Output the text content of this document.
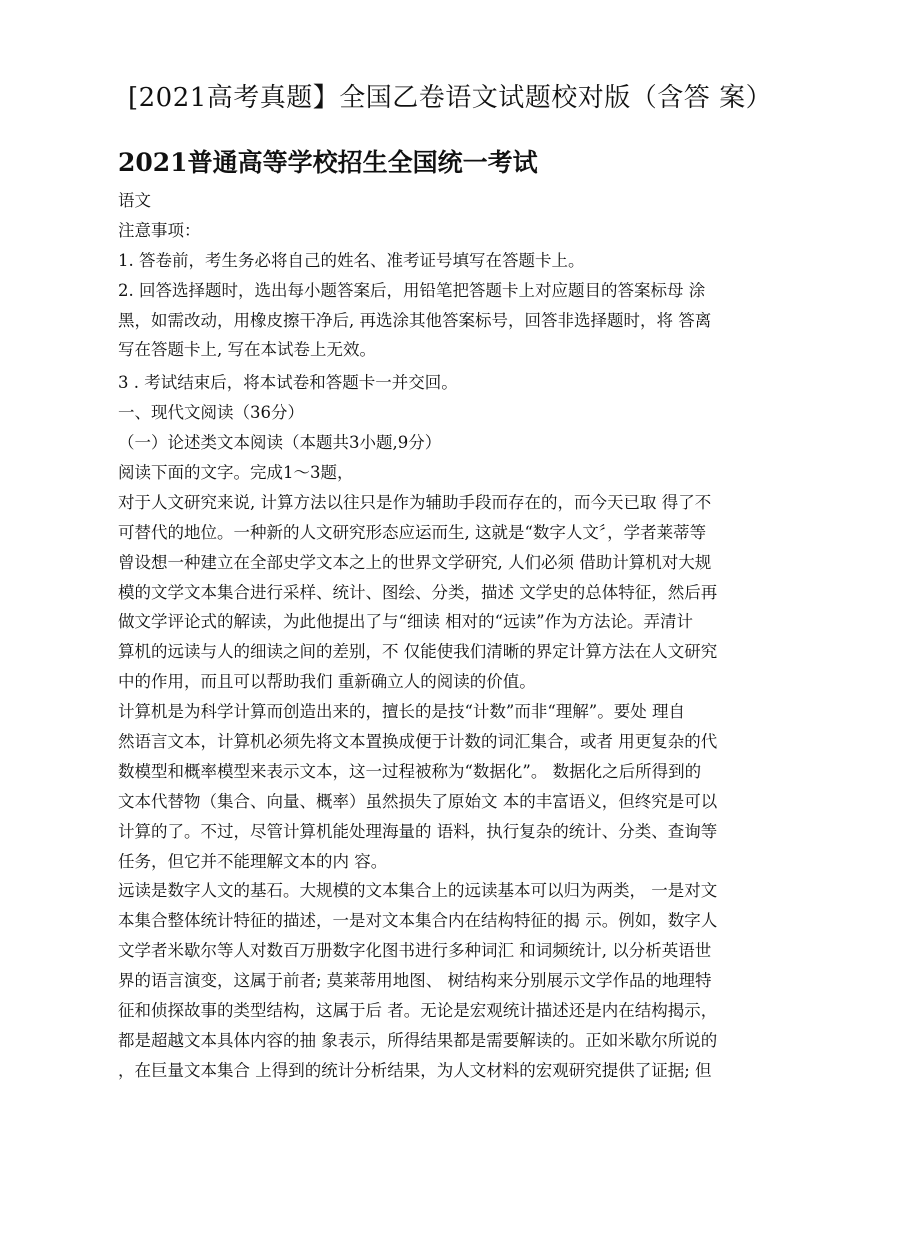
[2021高考真题】全国乙卷语文试题校对版（含答 案）
2021普通高等学校招生全国统一考试
语文
注意事项：
1. 答卷前，考生务必将自己的姓名、准考证号填写在答题卡上。
2. 回答选择题时，选出每小题答案后，用铅笔把答题卡上对应题目的答案标母 涂
黑，如需改动，用橡皮擦干净后, 再选涂其他答案标号，回答非选择题时，将 答离
写在答题卡上, 写在本试卷上无效。
3 . 考试结束后，将本试卷和答题卡一并交回。
一、现代文阅读（36分）
（一）论述类文本阅读（本题共3小题,9分）
阅读下面的文字。完成1〜3题，
对于人文研究来说, 计算方法以往只是作为辅助手段而存在的，而今天已取 得了不
可替代的地位。一种新的人文研究形态应运而生, 这就是“数字人文〞，学者莱蒂等
曾设想一种建立在全部史学文本之上的世界文学研究, 人们必须 借助计算机对大规
模的文学文本集合进行采样、统计、图绘、分类，描述 文学史的总体特征，然后再
做文学评论式的解读，为此他提出了与“细读 相对的“远读”作为方法论。弄清计
算机的远读与人的细读之间的差别，不 仅能使我们清晰的界定计算方法在人文研究
中的作用，而且可以帮助我们 重新确立人的阅读的价值。
计算机是为科学计算而创造出来的，擅长的是技“计数”而非“理解”。要处 理自
然语言文本，计算机必须先将文本置换成便于计数的词汇集合，或者 用更复杂的代
数模型和概率模型来表示文本，这一过程被称为“数据化”。 数据化之后所得到的
文本代替物（集合、向量、概率）虽然损失了原始文 本的丰富语义，但终究是可以
计算的了。不过，尽管计算机能处理海量的 语料，执行复杂的统计、分类、查询等
任务，但它并不能理解文本的内 容。
远读是数字人文的基石。大规模的文本集合上的远读基本可以归为两类， 一是对文
本集合整体统计特征的描述，一是对文本集合内在结构特征的揭 示。例如，数字人
文学者米歇尔等人对数百万册数字化图书进行多种词汇 和词频统计, 以分析英语世
界的语言演变，这属于前者; 莫莱蒂用地图、 树结构来分别展示文学作品的地理特
征和侦探故事的类型结构，这属于后 者。无论是宏观统计描述还是内在结构揭示，
都是超越文本具体内容的抽 象表示，所得结果都是需要解读的。正如米歇尔所说的
，在巨量文本集合 上得到的统计分析结果，为人文材料的宏观研究提供了证据; 但
